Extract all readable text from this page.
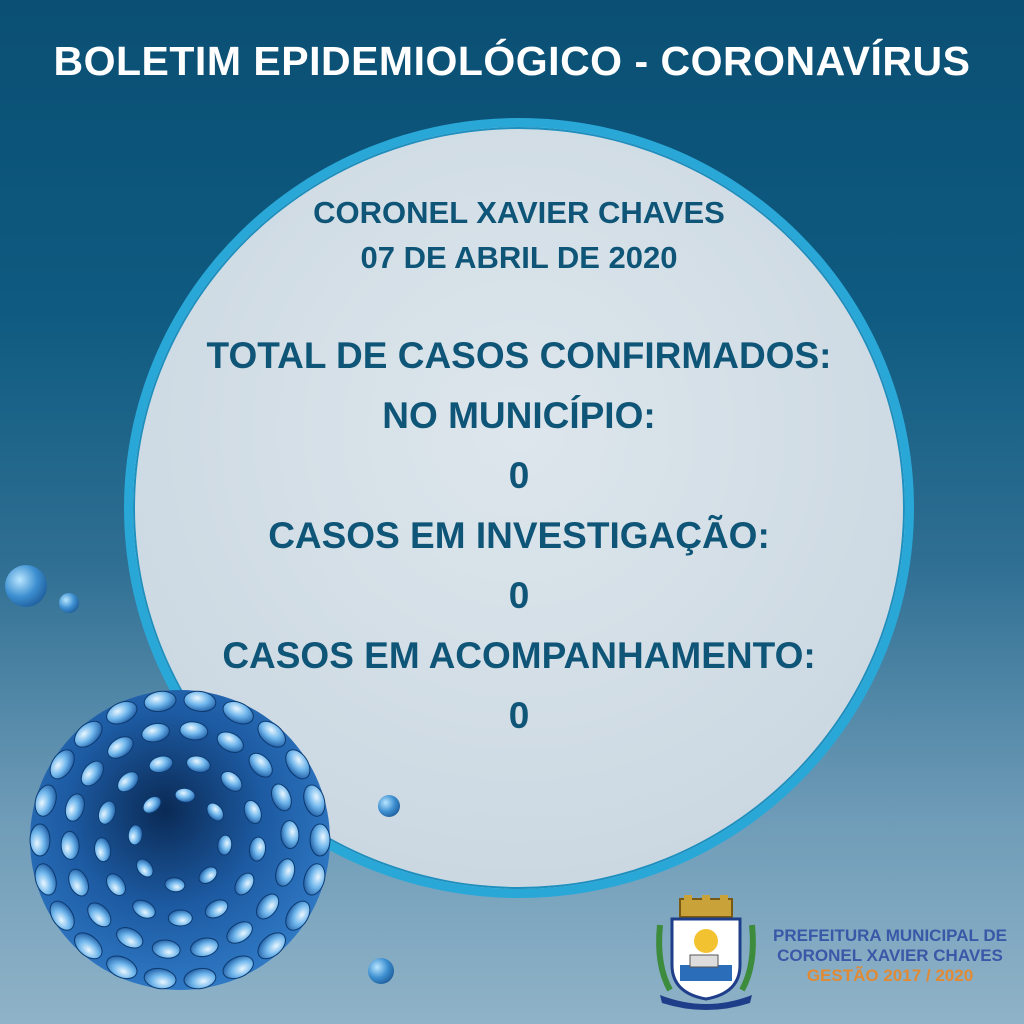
BOLETIM EPIDEMIOLÓGICO - CORONAVÍRUS
CORONEL XAVIER CHAVES
07 DE ABRIL DE 2020
TOTAL DE CASOS CONFIRMADOS:
NO MUNICÍPIO:
0
CASOS EM INVESTIGAÇÃO:
0
CASOS EM ACOMPANHAMENTO:
0
PREFEITURA MUNICIPAL DE
CORONEL XAVIER CHAVES
GESTÃO 2017 / 2020
